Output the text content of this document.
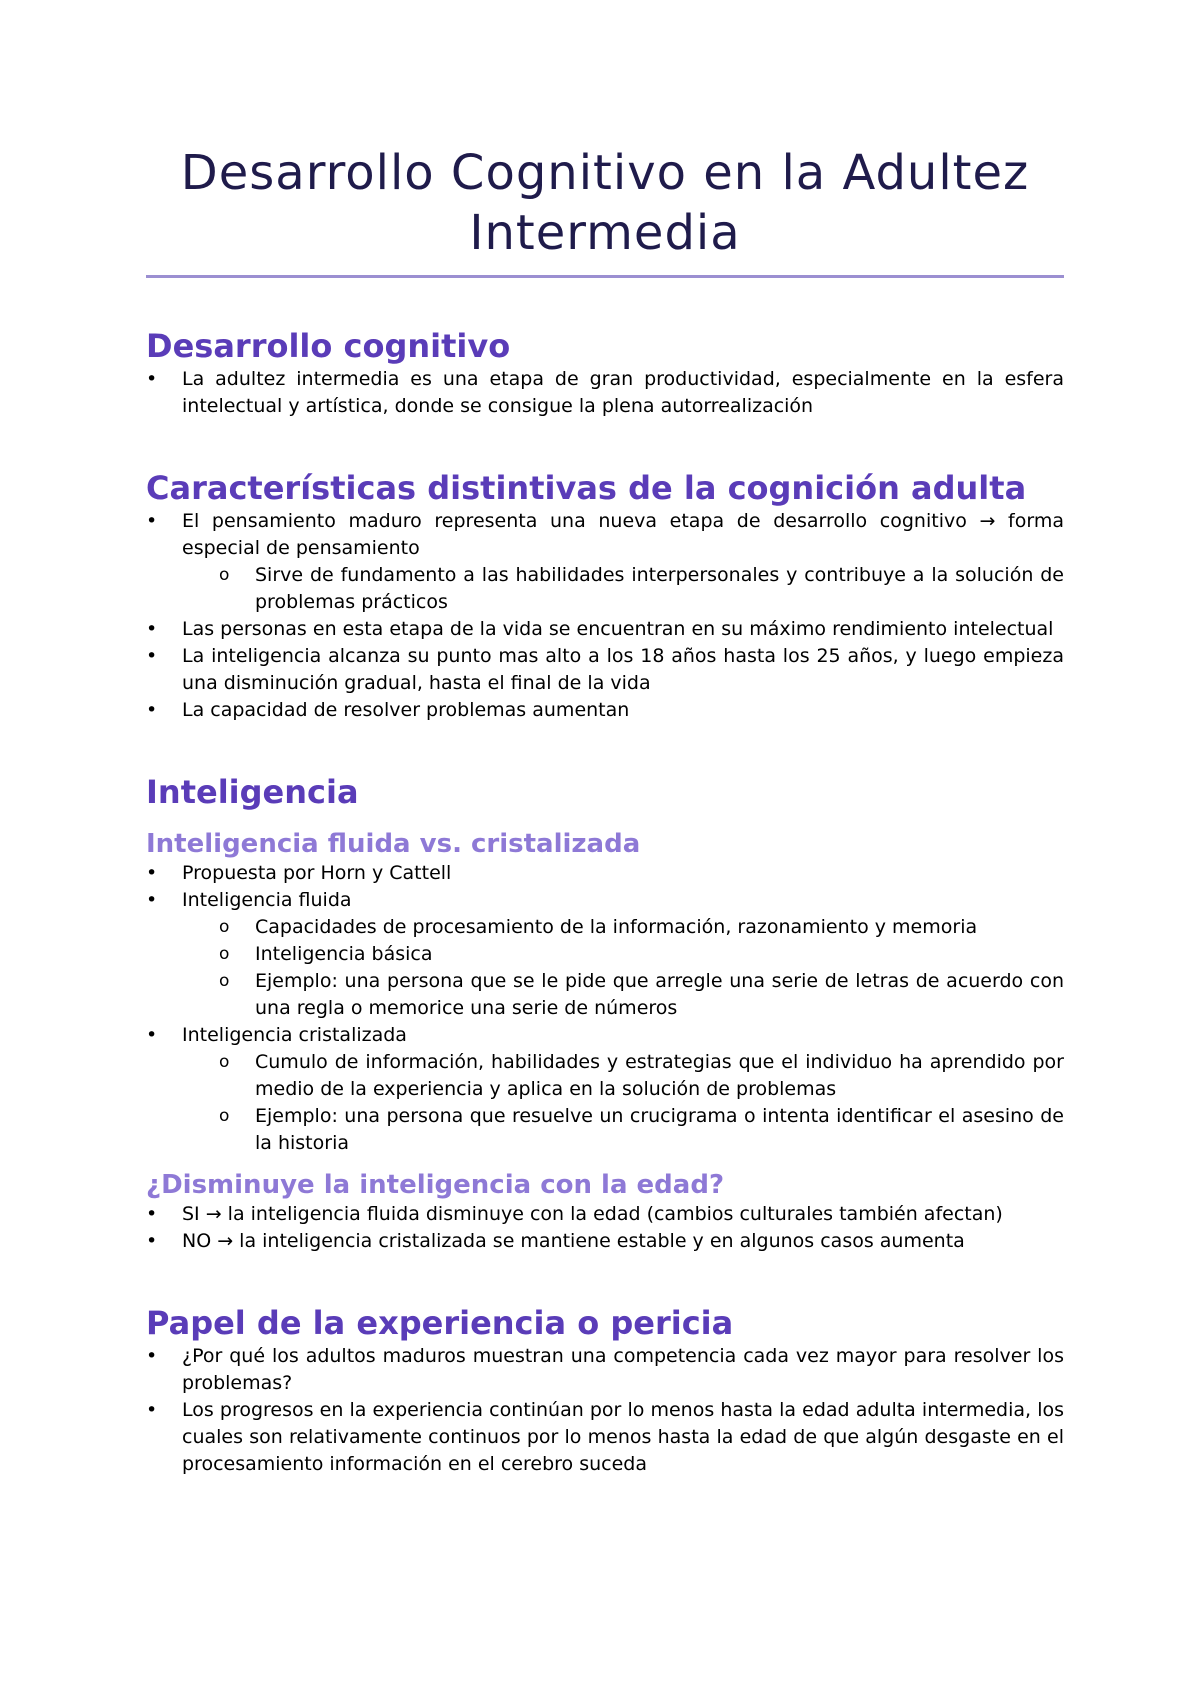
Desarrollo Cognitivo en la Adultez Intermedia
Desarrollo cognitivo
•	La adultez intermedia es una etapa de gran productividad, especialmente en la esfera intelectual y artística, donde se consigue la plena autorrealización
Características distintivas de la cognición adulta
•	El pensamiento maduro representa una nueva etapa de desarrollo cognitivo → forma especial de pensamiento
o	Sirve de fundamento a las habilidades interpersonales y contribuye a la solución de problemas prácticos
•	Las personas en esta etapa de la vida se encuentran en su máximo rendimiento intelectual
•	La inteligencia alcanza su punto mas alto a los 18 años hasta los 25 años, y luego empieza una disminución gradual, hasta el final de la vida
•	La capacidad de resolver problemas aumentan
Inteligencia
Inteligencia fluida vs. cristalizada
•	Propuesta por Horn y Cattell
•	Inteligencia fluida
o	Capacidades de procesamiento de la información, razonamiento y memoria
o	Inteligencia básica
o	Ejemplo: una persona que se le pide que arregle una serie de letras de acuerdo con una regla o memorice una serie de números
•	Inteligencia cristalizada
o	Cumulo de información, habilidades y estrategias que el individuo ha aprendido por medio de la experiencia y aplica en la solución de problemas
o	Ejemplo: una persona que resuelve un crucigrama o intenta identificar el asesino de la historia
¿Disminuye la inteligencia con la edad?
•	SI → la inteligencia fluida disminuye con la edad (cambios culturales también afectan)
•	NO → la inteligencia cristalizada se mantiene estable y en algunos casos aumenta
Papel de la experiencia o pericia
•	¿Por qué los adultos maduros muestran una competencia cada vez mayor para resolver los problemas?
•	Los progresos en la experiencia continúan por lo menos hasta la edad adulta intermedia, los cuales son relativamente continuos por lo menos hasta la edad de que algún desgaste en el procesamiento información en el cerebro suceda
